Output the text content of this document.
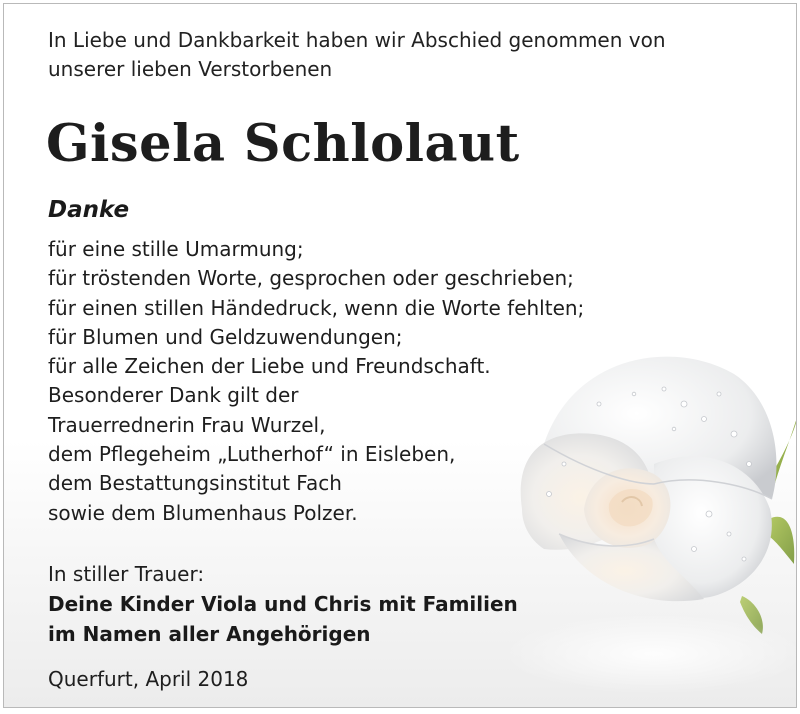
In Liebe und Dankbarkeit haben wir Abschied genommen von
unserer lieben Verstorbenen

Gisela Schlolaut
Danke
für eine stille Umarmung;
für tröstenden Worte, gesprochen oder geschrieben;
für einen stillen Händedruck, wenn die Worte fehlten;
für Blumen und Geldzuwendungen;
für alle Zeichen der Liebe und Freundschaft.
Besonderer Dank gilt der
Trauerrednerin Frau Wurzel,
dem Pflegeheim „Lutherhof“ in Eisleben,
dem Bestattungsinstitut Fach
sowie dem Blumenhaus Polzer.

In stiller Trauer:

Deine Kinder Viola und Chris mit Familien
im Namen aller Angehörigen

Querfurt, April 2018
